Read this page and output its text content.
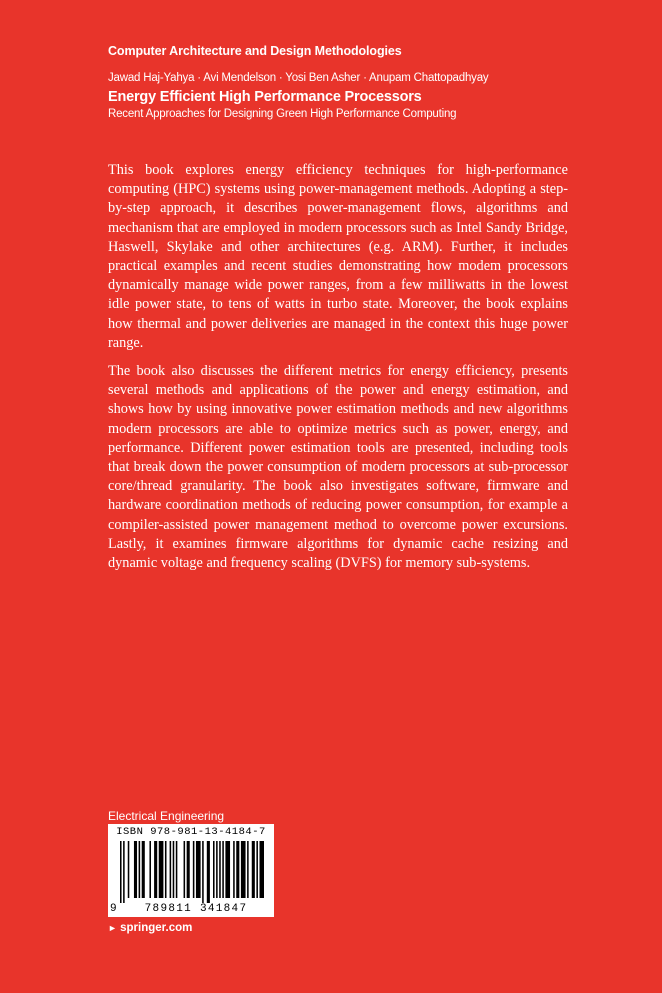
Computer Architecture and Design Methodologies
Jawad Haj-Yahya · Avi Mendelson · Yosi Ben Asher · Anupam Chattopadhyay
Energy Efficient High Performance Processors
Recent Approaches for Designing Green High Performance Computing

This book explores energy efficiency techniques for high-performance computing (HPC) systems using power-management methods. Adopting a step-by-step approach, it describes power-management flows, algorithms and mechanism that are employed in modern processors such as Intel Sandy Bridge, Haswell, Skylake and other architectures (e.g. ARM). Further, it includes practical examples and recent studies demonstrating how modem processors dynamically manage wide power ranges, from a few milliwatts in the lowest idle power state, to tens of watts in turbo state. Moreover, the book explains how thermal and power deliveries are managed in the context this huge power range.

The book also discusses the different metrics for energy efficiency, presents several methods and applications of the power and energy estimation, and shows how by using innovative power estimation methods and new algorithms modern processors are able to optimize metrics such as power, energy, and performance. Different power estimation tools are presented, including tools that break down the power consumption of modern processors at sub-processor core/thread granularity. The book also investigates software, firmware and hardware coordination methods of reducing power consumption, for example a compiler-assisted power management method to overcome power excursions. Lastly, it examines firmware algorithms for dynamic cache resizing and dynamic voltage and frequency scaling (DVFS) for memory sub-systems.

Electrical Engineering
ISBN 978-981-13-4184-7
9	789811 341847
► springer.com
